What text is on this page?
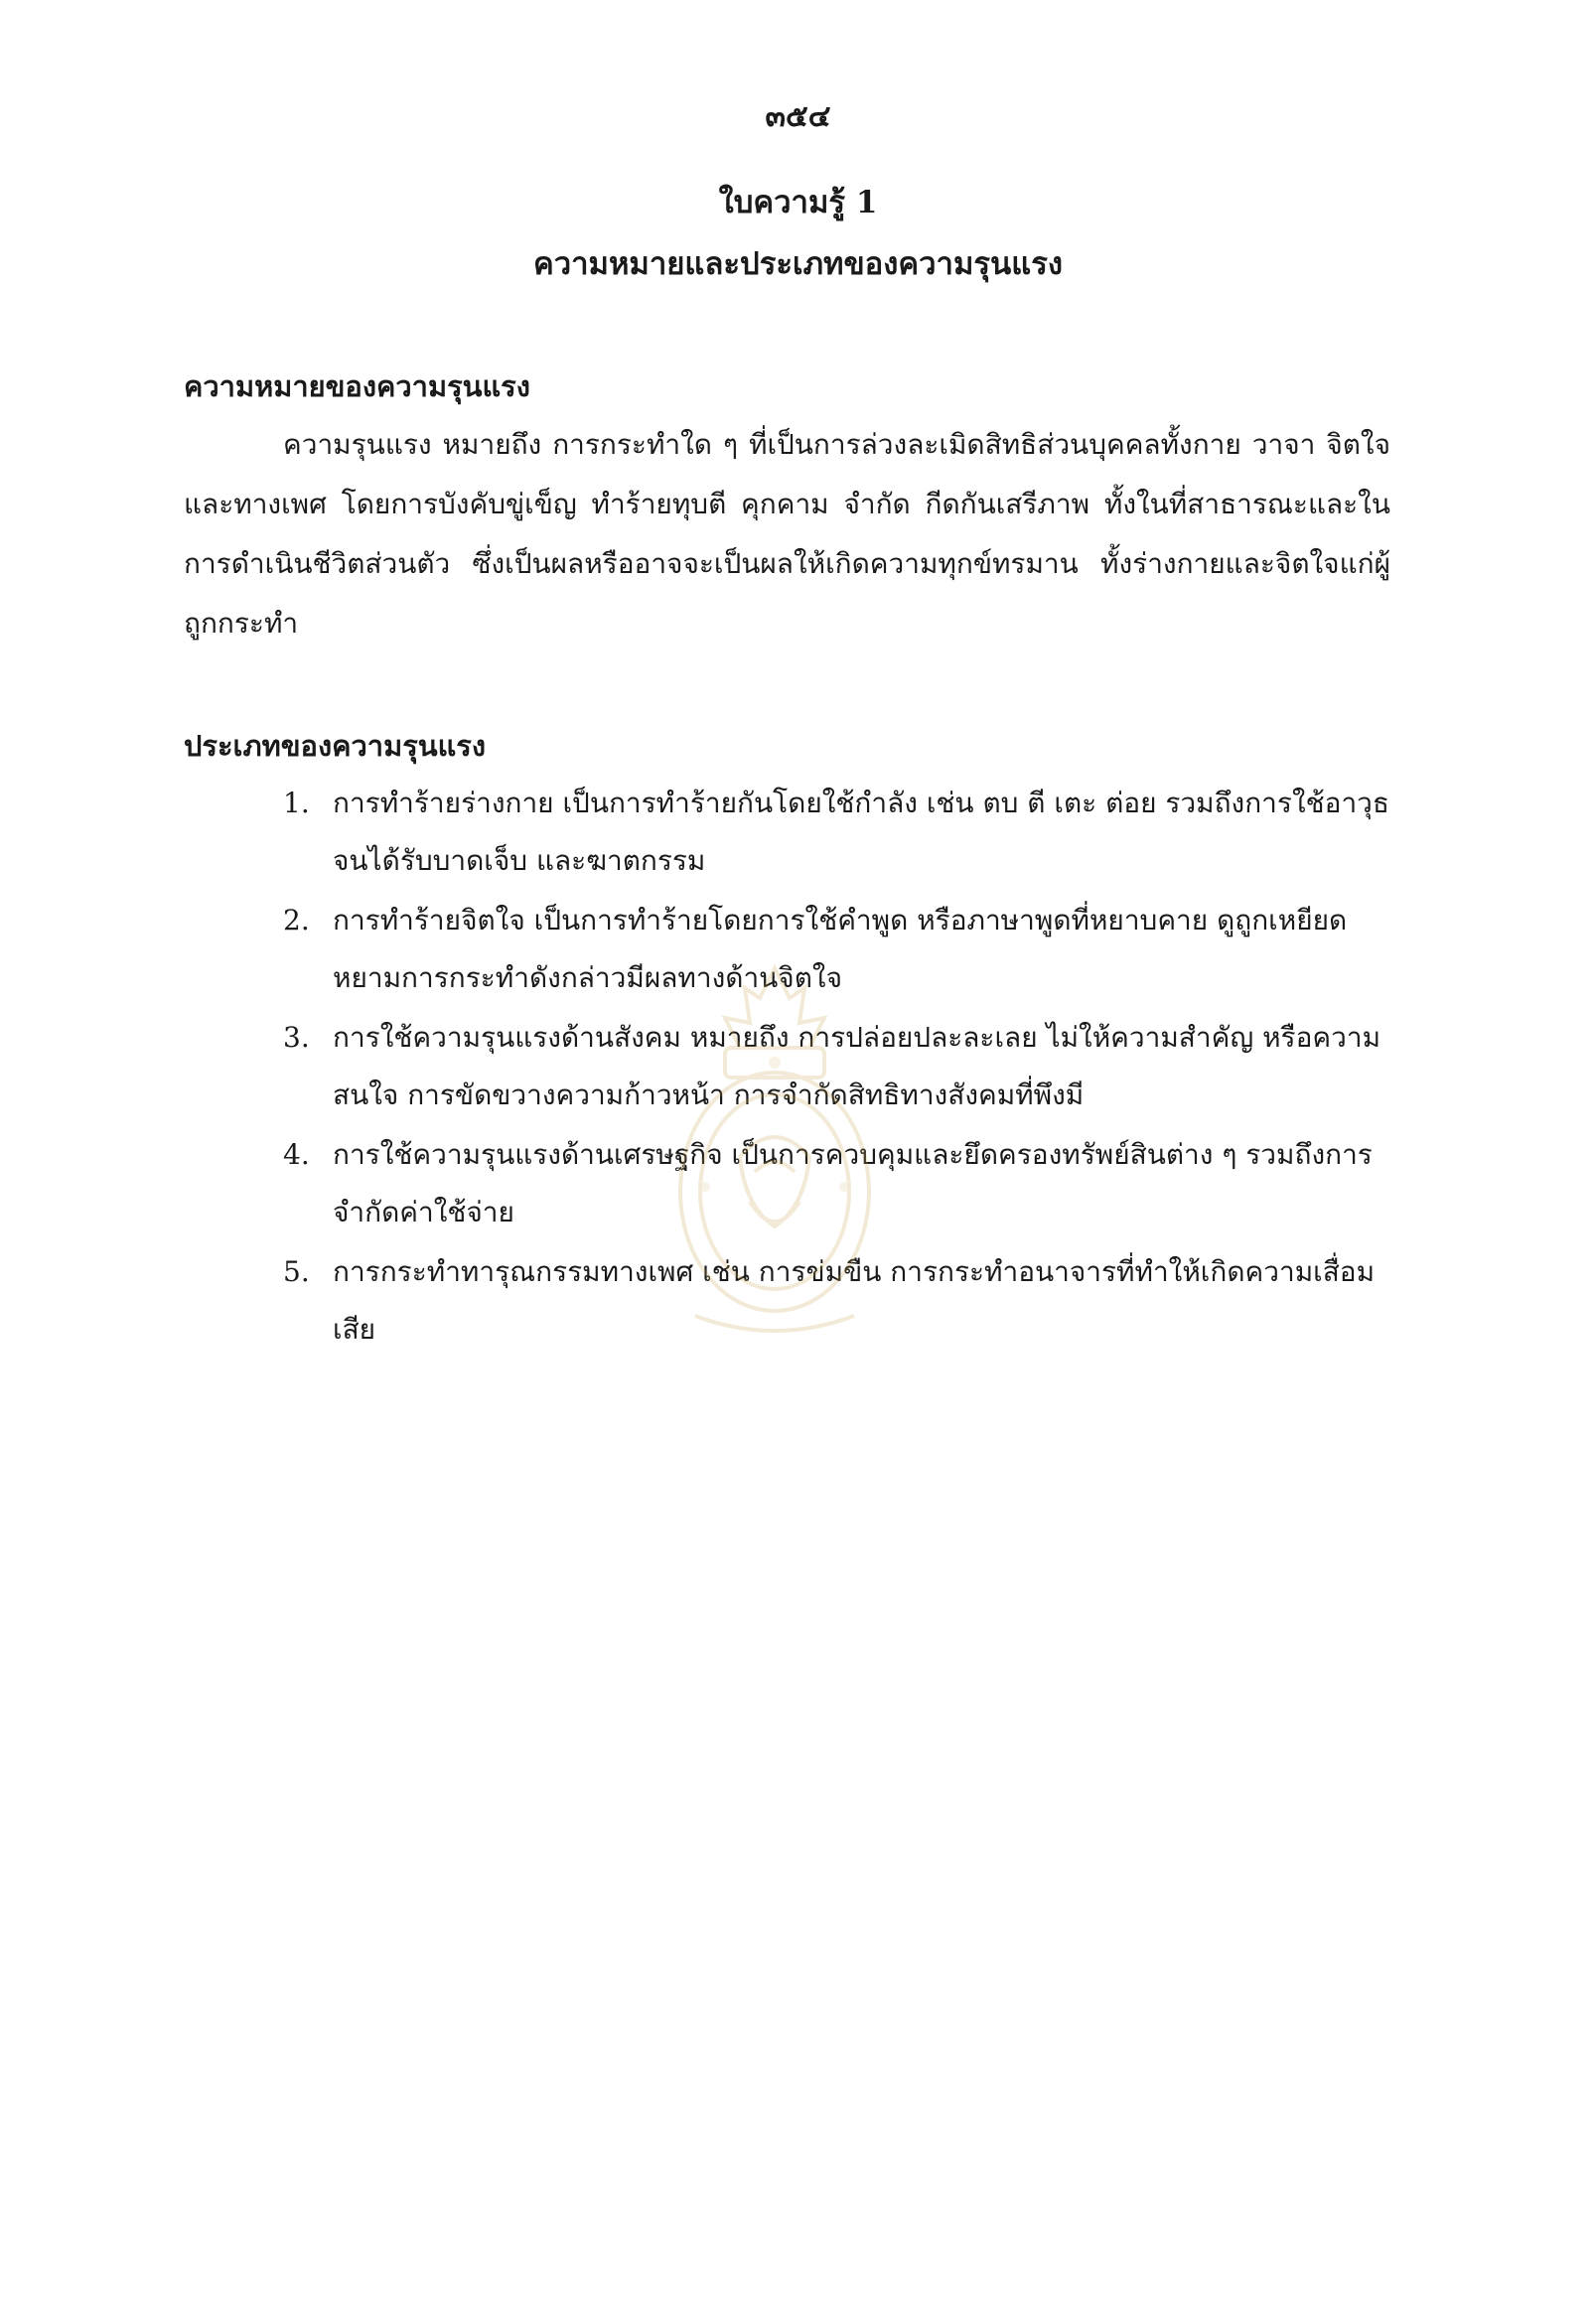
๓๕๔
ใบความรู้ 1
ความหมายและประเภทของความรุนแรง
ความหมายของความรุนแรง
ความรุนแรง หมายถึง การกระทำใด ๆ ที่เป็นการล่วงละเมิดสิทธิส่วนบุคคลทั้งกาย วาจา จิตใจและทางเพศ โดยการบังคับขู่เข็ญ ทำร้ายทุบตี คุกคาม จำกัด กีดกันเสรีภาพ ทั้งในที่สาธารณะและในการดำเนินชีวิตส่วนตัว ซึ่งเป็นผลหรืออาจจะเป็นผลให้เกิดความทุกข์ทรมาน ทั้งร่างกายและจิตใจแก่ผู้ถูกกระทำ
ประเภทของความรุนแรง
1. การทำร้ายร่างกาย เป็นการทำร้ายกันโดยใช้กำลัง เช่น ตบ ตี เตะ ต่อย รวมถึงการใช้อาวุธจนได้รับบาดเจ็บ และฆาตกรรม
2. การทำร้ายจิตใจ เป็นการทำร้ายโดยการใช้คำพูด หรือภาษาพูดที่หยาบคาย ดูถูกเหยียดหยามการกระทำดังกล่าวมีผลทางด้านจิตใจ
3. การใช้ความรุนแรงด้านสังคม หมายถึง การปล่อยปละละเลย ไม่ให้ความสำคัญ หรือความสนใจ การขัดขวางความก้าวหน้า การจำกัดสิทธิทางสังคมที่พึงมี
4. การใช้ความรุนแรงด้านเศรษฐกิจ เป็นการควบคุมและยึดครองทรัพย์สินต่าง ๆ รวมถึงการจำกัดค่าใช้จ่าย
5. การกระทำทารุณกรรมทางเพศ เช่น การข่มขืน การกระทำอนาจารที่ทำให้เกิดความเสื่อมเสีย
